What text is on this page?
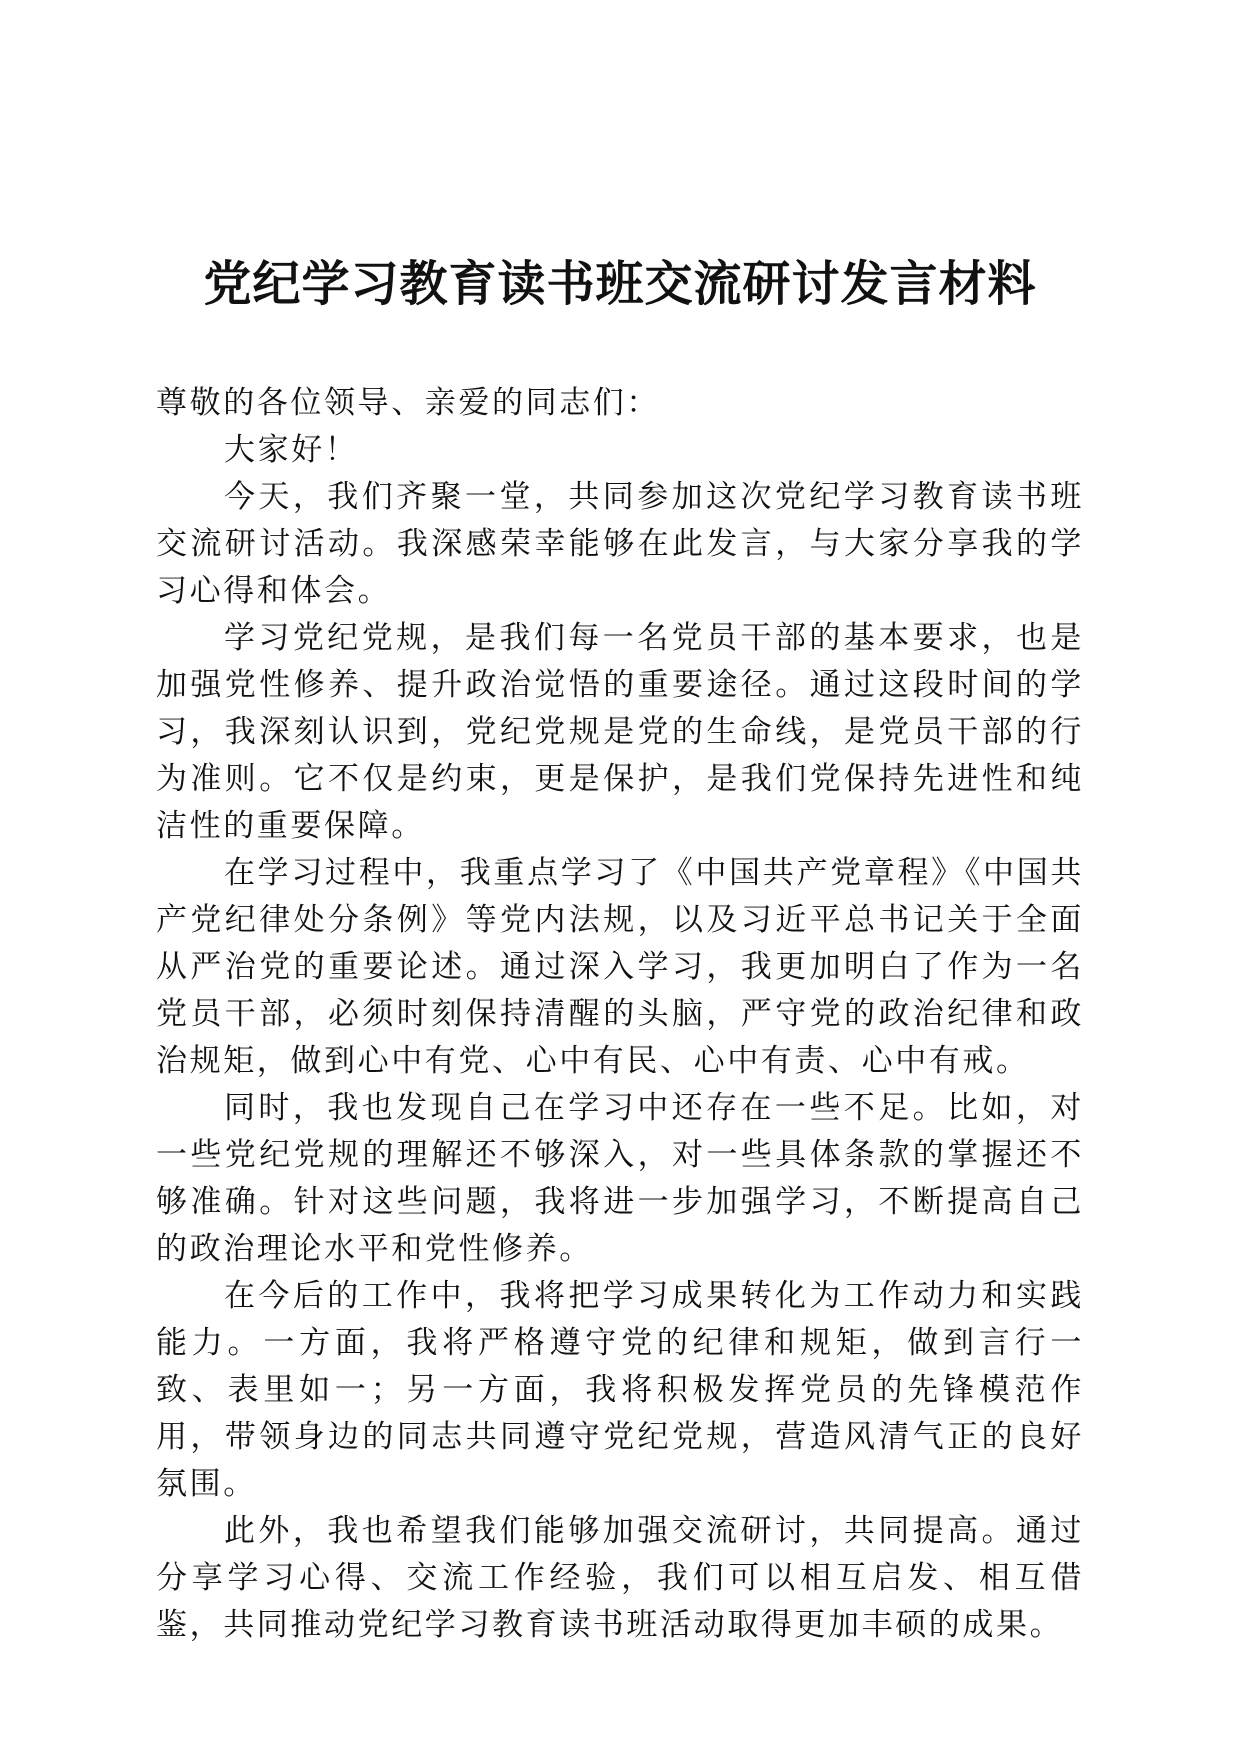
党纪学习教育读书班交流研讨发言材料

尊敬的各位领导、亲爱的同志们：

大家好！

今天，我们齐聚一堂，共同参加这次党纪学习教育读书班交流研讨活动。我深感荣幸能够在此发言，与大家分享我的学习心得和体会。

学习党纪党规，是我们每一名党员干部的基本要求，也是加强党性修养、提升政治觉悟的重要途径。通过这段时间的学习，我深刻认识到，党纪党规是党的生命线，是党员干部的行为准则。它不仅是约束，更是保护，是我们党保持先进性和纯洁性的重要保障。

在学习过程中，我重点学习了《中国共产党章程》《中国共产党纪律处分条例》等党内法规，以及习近平总书记关于全面从严治党的重要论述。通过深入学习，我更加明白了作为一名党员干部，必须时刻保持清醒的头脑，严守党的政治纪律和政治规矩，做到心中有党、心中有民、心中有责、心中有戒。

同时，我也发现自己在学习中还存在一些不足。比如，对一些党纪党规的理解还不够深入，对一些具体条款的掌握还不够准确。针对这些问题，我将进一步加强学习，不断提高自己的政治理论水平和党性修养。

在今后的工作中，我将把学习成果转化为工作动力和实践能力。一方面，我将严格遵守党的纪律和规矩，做到言行一致、表里如一；另一方面，我将积极发挥党员的先锋模范作用，带领身边的同志共同遵守党纪党规，营造风清气正的良好氛围。

此外，我也希望我们能够加强交流研讨，共同提高。通过分享学习心得、交流工作经验，我们可以相互启发、相互借鉴，共同推动党纪学习教育读书班活动取得更加丰硕的成果。
